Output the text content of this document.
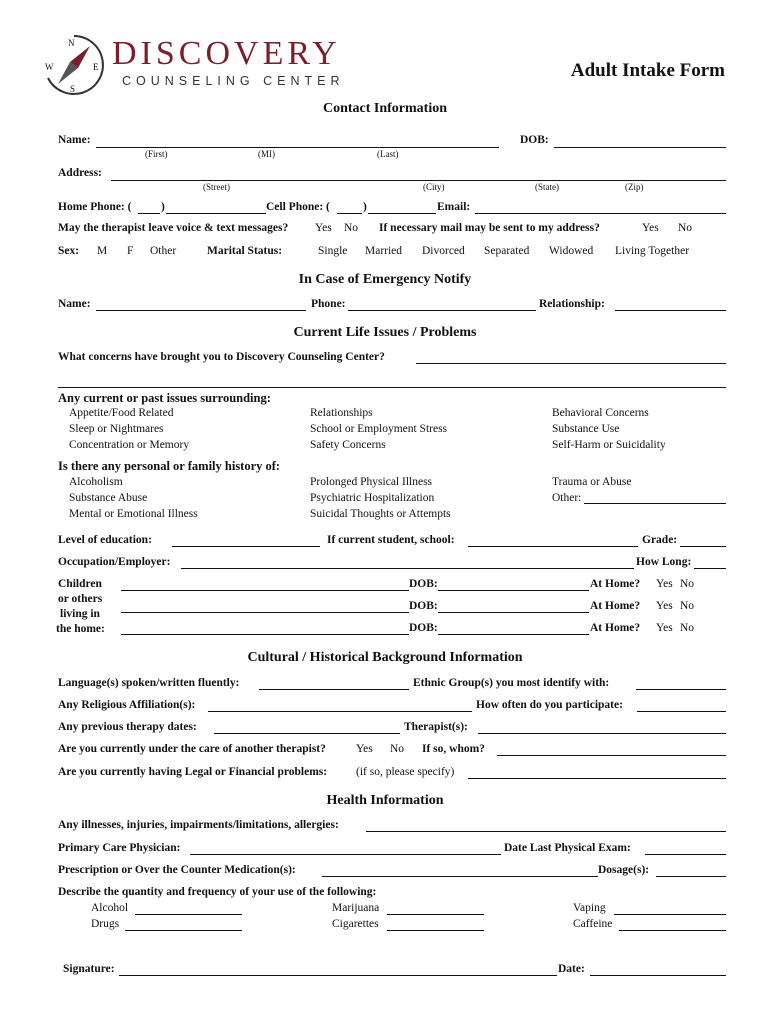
N
E
S
W DISCOVERY
COUNSELING CENTER	Adult Intake Form
Contact Information
Name:	DOB:
(First)	(MI)	(Last)
Address:
(Street)	(City)	(State)	(Zip)
Home Phone: (	)	Cell Phone: (	)	Email:
May the therapist leave voice & text messages? Yes No If necessary mail may be sent to my address?	Yes No
Sex: M F Other	Marital Status:	Single Married Divorced Separated Widowed Living Together
In Case of Emergency Notify
Name:	Phone:	Relationship:
Current Life Issues / Problems
What concerns have brought you to Discovery Counseling Center?
Any current or past issues surrounding:
Appetite/Food Related	Relationships	Behavioral Concerns
Sleep or Nightmares	School or Employment Stress	Substance Use
Concentration or Memory	Safety Concerns	Self-Harm or Suicidality
Is there any personal or family history of:
Alcoholism	Prolonged Physical Illness	Trauma or Abuse
Substance Abuse	Psychiatric Hospitalization	Other:
Mental or Emotional Illness	Suicidal Thoughts or Attempts
Level of education:	If current student, school:	Grade:
Occupation/Employer:	How Long:
Children
or others
living in
the home:
DOB:	At Home? Yes No
DOB:	At Home? Yes No
DOB:	At Home? Yes No
Cultural / Historical Background Information
Language(s) spoken/written fluently:	Ethnic Group(s) you most identify with:
Any Religious Affiliation(s):	How often do you participate:
Any previous therapy dates:	Therapist(s):
Are you currently under the care of another therapist?	Yes No If so, whom?
Are you currently having Legal or Financial problems:	(if so, please specify)
Health Information
Any illnesses, injuries, impairments/limitations, allergies:
Primary Care Physician:	Date Last Physical Exam:
Prescription or Over the Counter Medication(s):	Dosage(s):
Describe the quantity and frequency of your use of the following:
Alcohol	Marijuana	Vaping
Drugs	Cigarettes	Caffeine
Signature:	Date:
